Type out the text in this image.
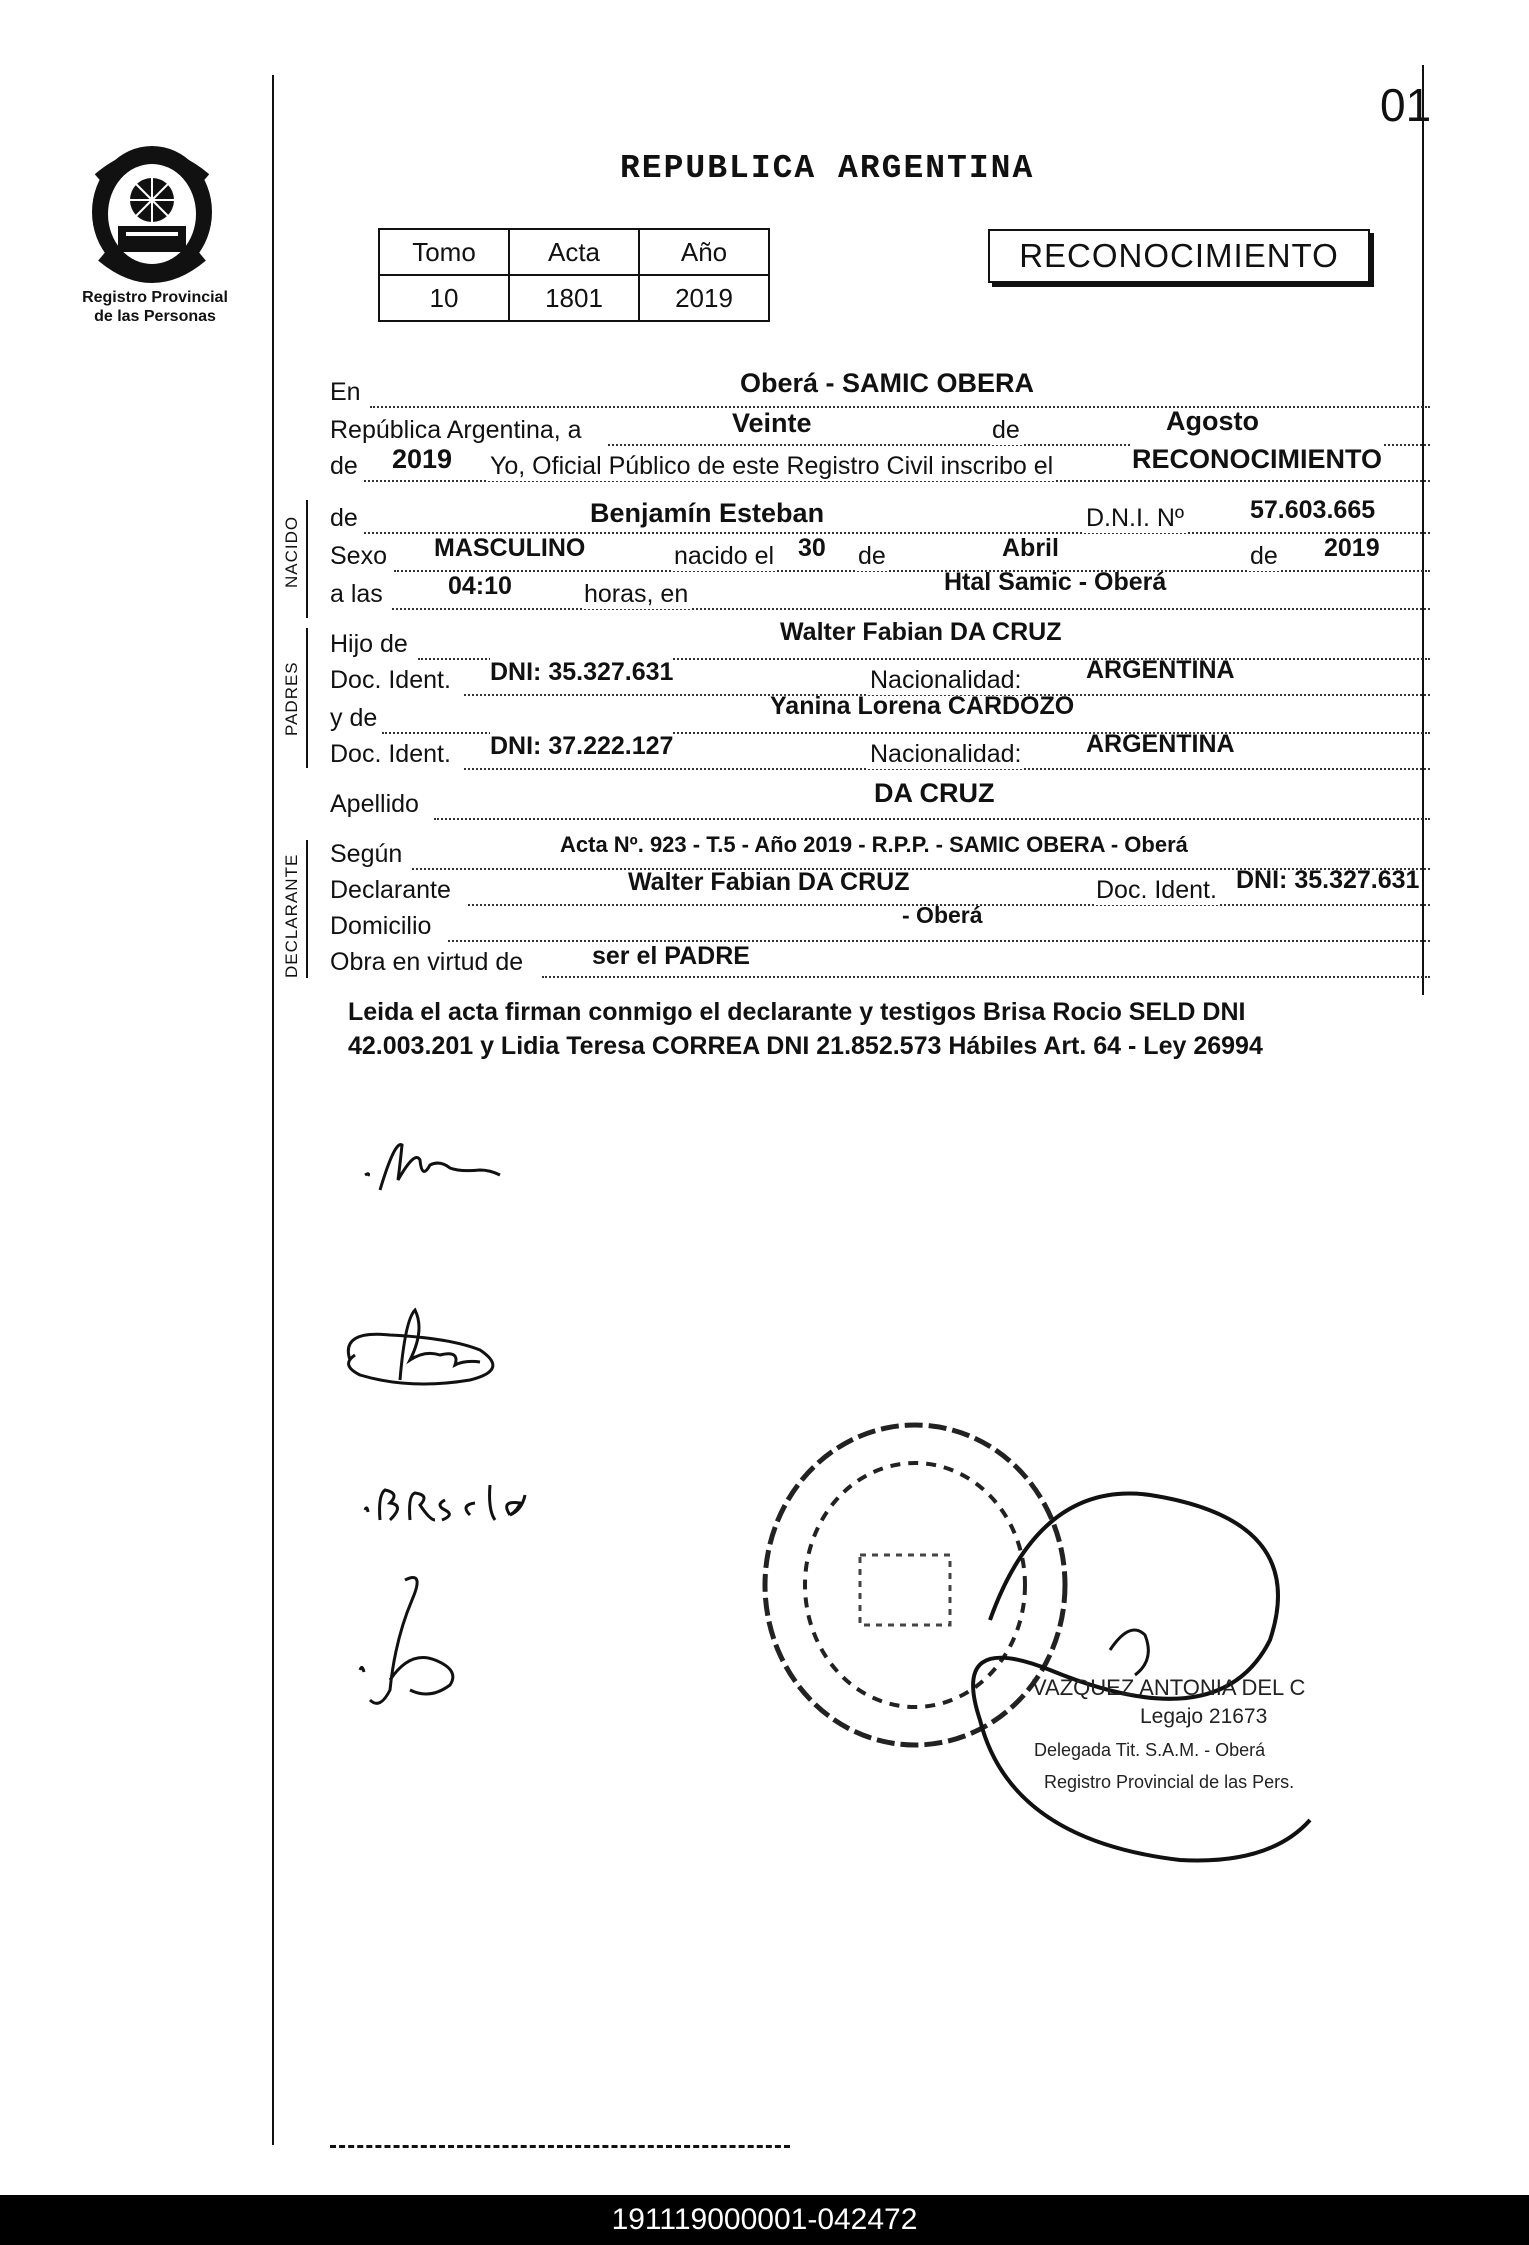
01
Registro Provincial
de las Personas
REPUBLICA ARGENTINA
Tomo	Acta	Año
10	1801	2019
RECONOCIMIENTO
En	Oberá - SAMIC OBERA
República Argentina, a	Veinte	de	Agosto
de 2019 Yo, Oficial Público de este Registro Civil inscribo el	RECONOCIMIENTO
NACIDO de	Benjamín Esteban	D.N.I. Nº	57.603.665
Sexo MASCULINO	nacido el 30 de	Abril	de 2019
a las	04:10	horas, en	Htal Samic - Oberá
PADRES
Hijo de	Walter Fabian DA CRUZ
Doc. Ident. DNI: 35.327.631	Nacionalidad:	ARGENTINA
y de	Yanina Lorena CARDOZO
Doc. Ident. DNI: 37.222.127	Nacionalidad:	ARGENTINA
Apellido	DA CRUZ
DECLARANTE Según	Acta Nº. 923 - T.5 - Año 2019 - R.P.P. - SAMIC OBERA - Oberá
Declarante	Walter Fabian DA CRUZ	Doc. Ident. DNI: 35.327.631
Domicilio	- Oberá
Obra en virtud de	ser el PADRE
Leida el acta firman conmigo el declarante y testigos Brisa Rocio SELD DNI
42.003.201 y Lidia Teresa CORREA DNI 21.852.573 Hábiles Art. 64 - Ley 26994
VAZQUEZ ANTONIA DEL C
Legajo 21673
Delegada Tit. S.A.M. - Oberá
Registro Provincial de las Pers.
191119000001-042472
